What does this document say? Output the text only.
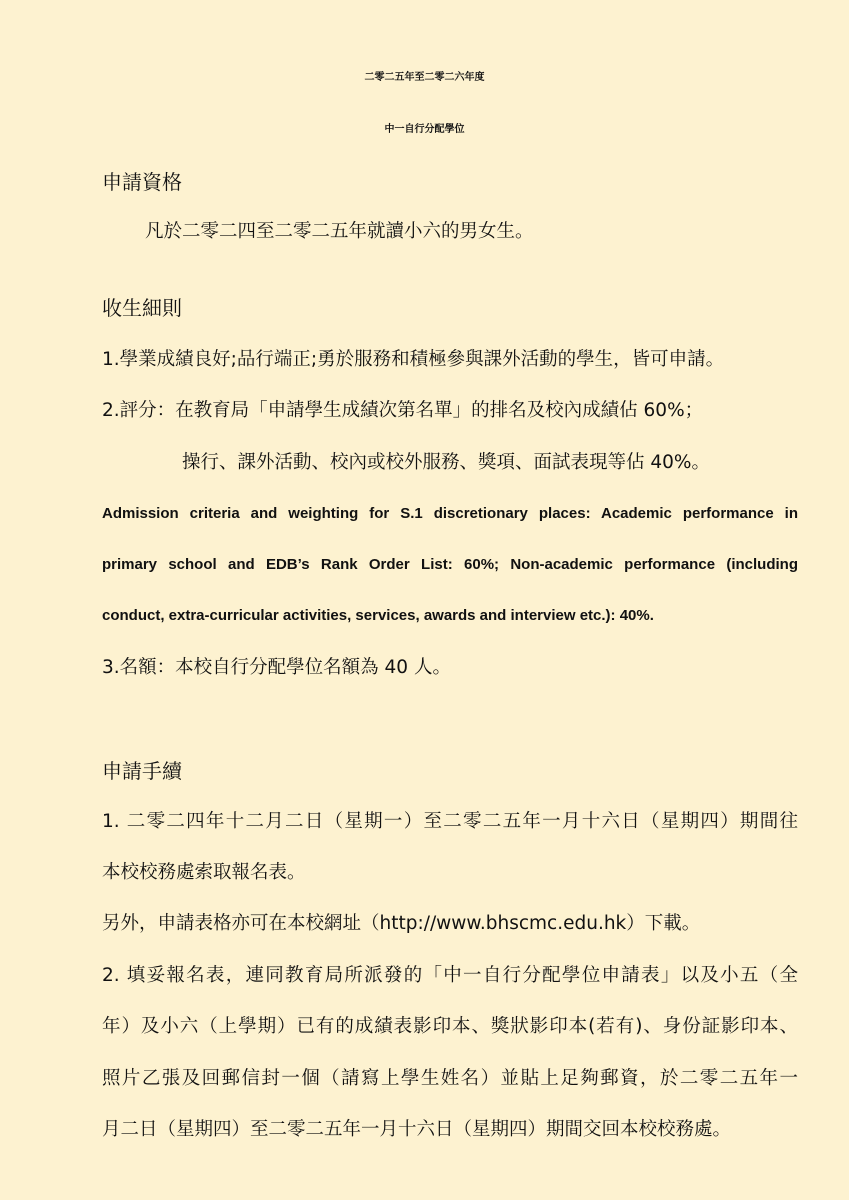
二零二五年至二零二六年度
中一自行分配學位
申請資格
凡於二零二四至二零二五年就讀小六的男女生。
收生細則
1.學業成績良好;品行端正;勇於服務和積極參與課外活動的學生，皆可申請。
2.評分：在教育局「申請學生成績次第名單」的排名及校內成績佔 60%；
操行、課外活動、校內或校外服務、獎項、面試表現等佔 40%。
Admission criteria and weighting for S.1 discretionary places: Academic performance in
primary school and EDB’s Rank Order List: 60%; Non-academic performance (including
conduct, extra-curricular activities, services, awards and interview etc.): 40%.
3.名額：本校自行分配學位名額為 40 人。
申請手續
1. 二零二四年十二月二日（星期一）至二零二五年一月十六日（星期四）期間往
本校校務處索取報名表。
另外，申請表格亦可在本校網址（http://www.bhscmc.edu.hk）下載。
2. 填妥報名表，連同教育局所派發的「中一自行分配學位申請表」以及小五（全
年）及小六（上學期）已有的成績表影印本、獎狀影印本(若有)、身份証影印本、
照片乙張及回郵信封一個（請寫上學生姓名）並貼上足夠郵資，於二零二五年一
月二日（星期四）至二零二五年一月十六日（星期四）期間交回本校校務處。
